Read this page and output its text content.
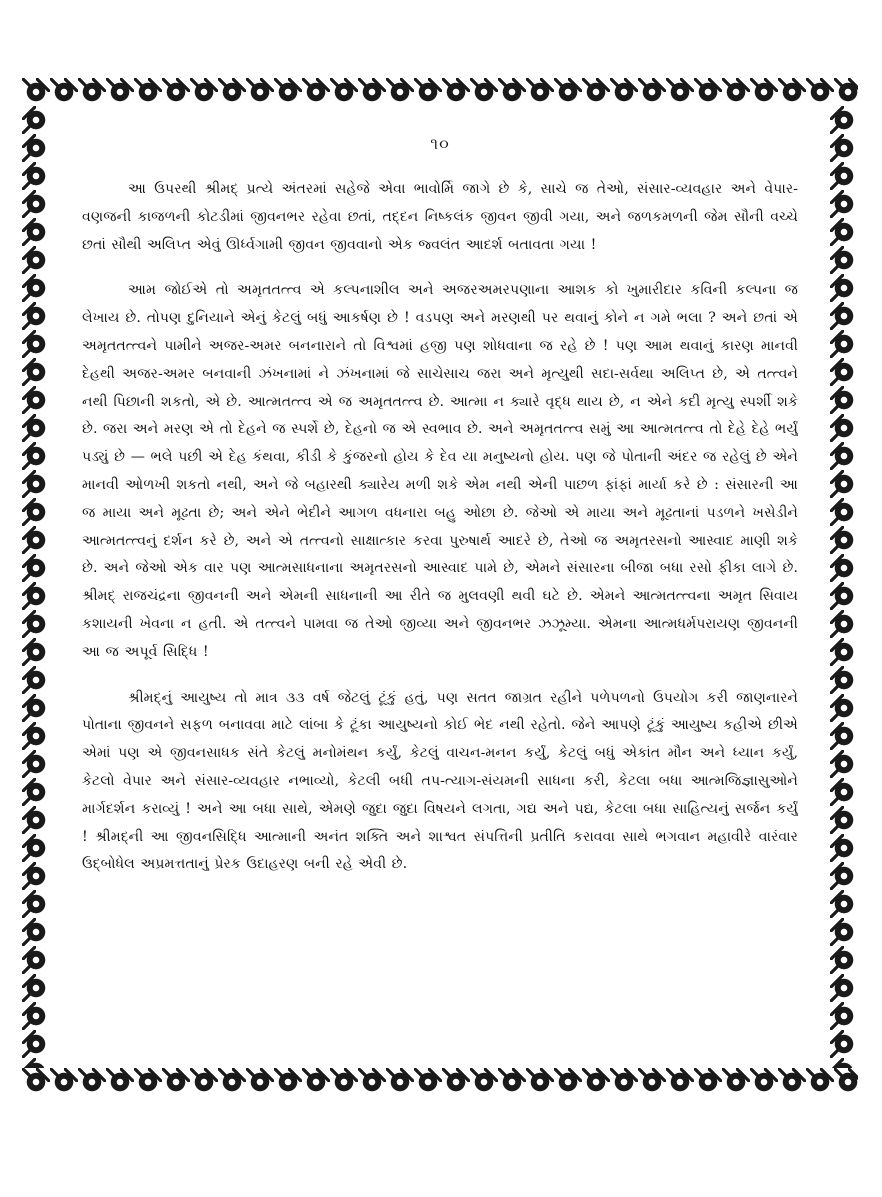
૧૦

આ ઉપરથી શ્રીમદ્ પ્રત્યે અંતરમાં સહેજે એવા ભાવોર્મિ જાગે છે કે, સાચે જ તેઓ, સંસાર-વ્યવહાર અને વેપાર-વણજની કાજળની કોટડીમાં જીવનભર રહેવા છતાં, તદ્દન નિષ્કલંક જીવન જીવી ગયા, અને જળકમળની જેમ સૌની વચ્ચે છતાં સૌથી અલિપ્ત એવું ઊર્ધ્વગામી જીવન જીવવાનો એક જ્વલંત આદર્શ બતાવતા ગયા !

આમ જોઈએ તો અમૃતતત્ત્વ એ કલ્પનાશીલ અને અજરઅમરપણાના આશક કો ખુમારીદાર કવિની કલ્પના જ લેખાય છે. તોપણ દુનિયાને એનું કેટલું બધું આકર્ષણ છે ! વડપણ અને મરણથી પર થવાનું કોને ન ગમે ભલા ? અને છતાં એ અમૃતતત્ત્વને પામીને અજર-અમર બનનારાને તો વિશ્વમાં હજી પણ શોધવાના જ રહે છે ! પણ આમ થવાનું કારણ માનવી દેહથી અજર-અમર બનવાની ઝંખનામાં ને ઝંખનામાં જે સાચેસાચ જરા અને મૃત્યુથી સદા-સર્વથા અલિપ્ત છે, એ તત્ત્વને નથી પિછાની શકતો, એ છે. આત્મતત્ત્વ એ જ અમૃતતત્ત્વ છે. આત્મા ન ક્યારે વૃદ્ધ થાય છે, ન એને કદી મૃત્યુ સ્પર્શી શકે છે. જરા અને મરણ એ તો દેહને જ સ્પર્શે છે, દેહનો જ એ સ્વભાવ છે. અને અમૃતતત્ત્વ સમું આ આત્મતત્ત્વ તો દેહે દેહે ભર્યું પડ્યું છે — ભલે પછી એ દેહ કંથવા, કીડી કે કુંજરનો હોય કે દેવ યા મનુષ્યનો હોય. પણ જે પોતાની અંદર જ રહેલું છે એને માનવી ઓળખી શકતો નથી, અને જે બહારથી ક્યારેય મળી શકે એમ નથી એની પાછળ ફાંફાં માર્યા કરે છે : સંસારની આ જ માયા અને મૂઢતા છે; અને એને ભેદીને આગળ વધનારા બહુ ઓછા છે. જેઓ એ માયા અને મૂઢતાનાં પડળને ખસેડીને આત્મતત્ત્વનું દર્શન કરે છે, અને એ તત્ત્વનો સાક્ષાત્કાર કરવા પુરુષાર્થ આદરે છે, તેઓ જ અમૃતરસનો આસ્વાદ માણી શકે છે. અને જેઓ એક વાર પણ આત્મસાધનાના અમૃતરસનો આસ્વાદ પામે છે, એમને સંસારના બીજા બધા રસો ફીકા લાગે છે. શ્રીમદ્ રાજચંદ્રના જીવનની અને એમની સાધનાની આ રીતે જ મુલવણી થવી ઘટે છે. એમને આત્મતત્ત્વના અમૃત સિવાય કશાયની ખેવના ન હતી. એ તત્ત્વને પામવા જ તેઓ જીવ્યા અને જીવનભર ઝઝૂમ્યા. એમના આત્મધર્મપરાયણ જીવનની આ જ અપૂર્વ સિદ્ધિ !

શ્રીમદ્નું આયુષ્ય તો માત્ર ૩૩ વર્ષ જેટલું ટૂંકું હતું, પણ સતત જાગ્રત રહીને પળેપળનો ઉપયોગ કરી જાણનારને પોતાના જીવનને સફળ બનાવવા માટે લાંબા કે ટૂંકા આયુષ્યનો કોઈ ભેદ નથી રહેતો. જેને આપણે ટૂંકું આયુષ્ય કહીએ છીએ એમાં પણ એ જીવનસાધક સંતે કેટલું મનોમંથન કર્યું, કેટલું વાચન-મનન કર્યું, કેટલું બધું એકાંત મૌન અને ધ્યાન કર્યું, કેટલો વેપાર અને સંસાર-વ્યવહાર નભાવ્યો, કેટલી બધી તપ-ત્યાગ-સંયમની સાધના કરી, કેટલા બધા આત્મજિજ્ઞાસુઓને માર્ગદર્શન કરાવ્યું ! અને આ બધા સાથે, એમણે જુદા જુદા વિષયને લગતા, ગદ્ય અને પદ્ય, કેટલા બધા સાહિત્યનું સર્જન કર્યું ! શ્રીમદ્ની આ જીવનસિદ્ધિ આત્માની અનંત શક્તિ અને શાશ્વત સંપત્તિની પ્રતીતિ કરાવવા સાથે ભગવાન મહાવીરે વારંવાર ઉદ્બોધેલ અપ્રમત્તતાનું પ્રેરક ઉદાહરણ બની રહે એવી છે.
